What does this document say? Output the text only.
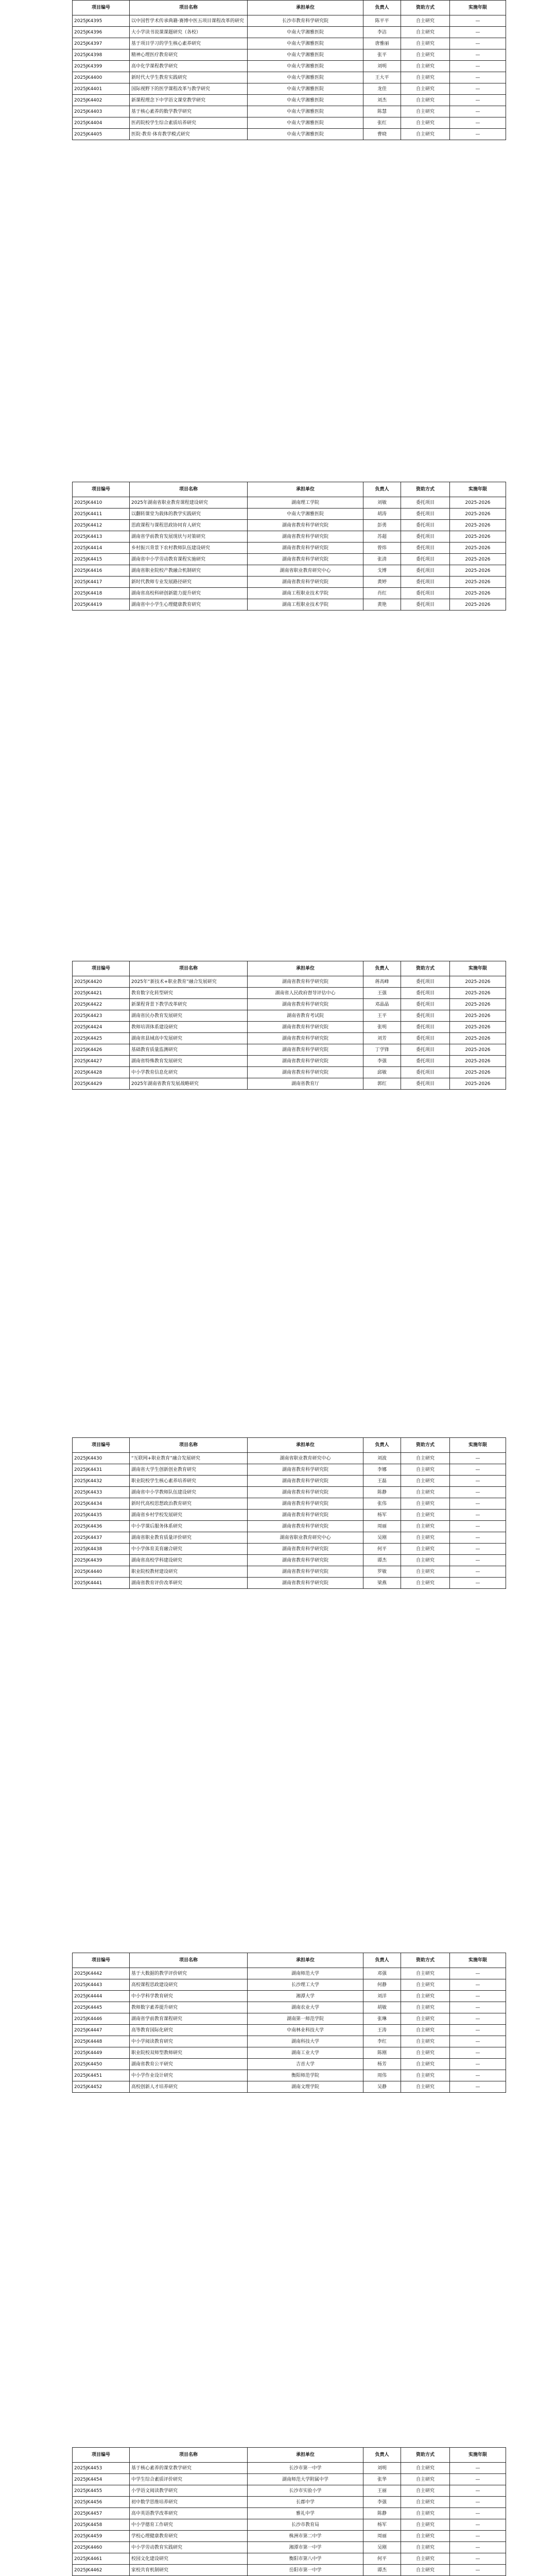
项目编号	项目名称	承担单位	负责人	资助方式	实施年限
2025JK4395	以中国哲学术传承典籍·赛博中医五项目课程改革的研究	长沙市教育科学研究院	陈平平	自主研究	—
2025JK4396	大小学读书说课课题研究（各校）	中南大学湘雅医院	李洁	自主研究	—
2025JK4397	基于项目学习的学生核心素养研究	中南大学湘雅医院	唐雅丽	自主研究	—
2025JK4398	精神心理医疗教育研究	中南大学湘雅医院	张平	自主研究	—
2025JK4399	高中化学课程教学研究	中南大学湘雅医院	刘明	自主研究	—
2025JK4400	新时代大学生教育实践研究	中南大学湘雅医院	王大平	自主研究	—
2025JK4401	国际视野下的医学课程改革与教学研究	中南大学湘雅医院	龙佳	自主研究	—
2025JK4402	新课程理念下中学语文课堂教学研究	中南大学湘雅医院	刘杰	自主研究	—
2025JK4403	基于核心素养的数学教学研究	中南大学湘雅医院	陈慧	自主研究	—
2025JK4404	医药院校学生综合素质培养研究	中南大学湘雅医院	张红	自主研究	—
2025JK4405	医院·教育·体育教学模式研究	中南大学湘雅医院	曹晓	自主研究	—
项目编号	项目名称	承担单位	负责人	资助方式	实施年限
2025JK4410	2025年湖南省职业教育课程建设研究	湖南理工学院	刘敏	委托项目	2025-2026
2025JK4411	以翻转课堂为载体的教学实践研究	中南大学湘雅医院	胡涛	委托项目	2025-2026
2025JK4412	思政课程与课程思政协同育人研究	湖南省教育科学研究院	彭勇	委托项目	2025-2026
2025JK4413	湖南省学前教育发展现状与对策研究	湖南省教育科学研究院	苏超	委托项目	2025-2026
2025JK4414	乡村振兴背景下农村教师队伍建设研究	湖南省教育科学研究院	曾炜	委托项目	2025-2026
2025JK4415	湖南省中小学劳动教育课程实施研究	湖南省教育科学研究院	张清	委托项目	2025-2026
2025JK4416	湖南省职业院校产教融合机制研究	湖南省职业教育研究中心	戈博	委托项目	2025-2026
2025JK4417	新时代教师专业发展路径研究	湖南省教育科学研究院	黄婷	委托项目	2025-2026
2025JK4418	湖南省高校科研创新能力提升研究	湖南工程职业技术学院	肖红	委托项目	2025-2026
2025JK4419	湖南省中小学生心理健康教育研究	湖南工程职业技术学院	黄艳	委托项目	2025-2026
项目编号	项目名称	承担单位	负责人	资助方式	实施年限
2025JK4420	2025年“新技术+职业教育”融合发展研究	湖南省教育科学研究院	蒋高峰	委托项目	2025-2026
2025JK4421	教育数字化转型研究	湖南省人民政府督导评估中心	王强	委托项目	2025-2026
2025JK4422	新课程背景下教学改革研究	湖南省教育科学研究院	邓晶晶	委托项目	2025-2026
2025JK4423	湖南省民办教育发展研究	湖南省教育考试院	王平	委托项目	2025-2026
2025JK4424	教师培训体系建设研究	湖南省教育科学研究院	张明	委托项目	2025-2026
2025JK4425	湖南省县域高中发展研究	湖南省教育科学研究院	刘芳	委托项目	2025-2026
2025JK4426	基础教育质量监测研究	湖南省教育科学研究院	丁学锋	委托项目	2025-2026
2025JK4427	湖南省特殊教育发展研究	湖南省教育科学研究院	李强	委托项目	2025-2026
2025JK4428	中小学教育信息化研究	湖南省教育科学研究院	邱敏	委托项目	2025-2026
2025JK4429	2025年湖南省教育发展战略研究	湖南省教育厅	郭红	委托项目	2025-2026
项目编号	项目名称	承担单位	负责人	资助方式	实施年限
2025JK4430	“互联网+职业教育”融合发展研究	湖南省职业教育研究中心	刘波	自主研究	—
2025JK4431	湖南省大学生创新创业教育研究	湖南省教育科学研究院	李娜	自主研究	—
2025JK4432	职业院校学生核心素养培养研究	湖南省教育科学研究院	王磊	自主研究	—
2025JK4433	湖南省中小学教师队伍建设研究	湖南省教育科学研究院	陈静	自主研究	—
2025JK4434	新时代高校思想政治教育研究	湖南省教育科学研究院	张伟	自主研究	—
2025JK4435	湖南省乡村学校发展研究	湖南省教育科学研究院	杨军	自主研究	—
2025JK4436	中小学课后服务体系研究	湖南省教育科学研究院	周丽	自主研究	—
2025JK4437	湖南省职业教育质量评价研究	湖南省职业教育研究中心	吴刚	自主研究	—
2025JK4438	中小学体育美育融合研究	湖南省教育科学研究院	何平	自主研究	—
2025JK4439	湖南省高校学科建设研究	湖南省教育科学研究院	谭杰	自主研究	—
2025JK4440	职业院校教材建设研究	湖南省教育科学研究院	罗敏	自主研究	—
2025JK4441	湖南省教育评价改革研究	湖南省教育科学研究院	梁燕	自主研究	—
项目编号	项目名称	承担单位	负责人	资助方式	实施年限
2025JK4442	基于大数据的教学评价研究	湖南师范大学	邓强	自主研究	—
2025JK4443	高校课程思政建设研究	长沙理工大学	何静	自主研究	—
2025JK4444	中小学科学教育研究	湘潭大学	刘洋	自主研究	—
2025JK4445	教师数字素养提升研究	湖南农业大学	胡敏	自主研究	—
2025JK4446	湖南省学前教育课程研究	湖南第一师范学院	张琳	自主研究	—
2025JK4447	高等教育国际化研究	中南林业科技大学	王涛	自主研究	—
2025JK4448	中小学阅读教育研究	湖南科技大学	李红	自主研究	—
2025JK4449	职业院校双师型教师研究	湖南工业大学	陈刚	自主研究	—
2025JK4450	湖南省教育公平研究	吉首大学	杨芳	自主研究	—
2025JK4451	中小学作业设计研究	衡阳师范学院	周伟	自主研究	—
2025JK4452	高校创新人才培养研究	湖南文理学院	吴静	自主研究	—
项目编号	项目名称	承担单位	负责人	资助方式	实施年限
2025JK4453	基于核心素养的课堂教学研究	长沙市第一中学	刘明	自主研究	—
2025JK4454	中学生综合素质评价研究	湖南师范大学附属中学	张华	自主研究	—
2025JK4455	小学语文阅读教学研究	长沙市实验小学	王丽	自主研究	—
2025JK4456	初中数学思维培养研究	长郡中学	李强	自主研究	—
2025JK4457	高中英语教学改革研究	雅礼中学	陈静	自主研究	—
2025JK4458	中小学德育工作研究	长沙市教育局	杨军	自主研究	—
2025JK4459	学校心理健康教育研究	株洲市第二中学	周丽	自主研究	—
2025JK4460	中小学劳动教育实践研究	湘潭市第一中学	吴刚	自主研究	—
2025JK4461	校园文化建设研究	衡阳市第八中学	何平	自主研究	—
2025JK4462	家校共育机制研究	岳阳市第一中学	谭杰	自主研究	—
